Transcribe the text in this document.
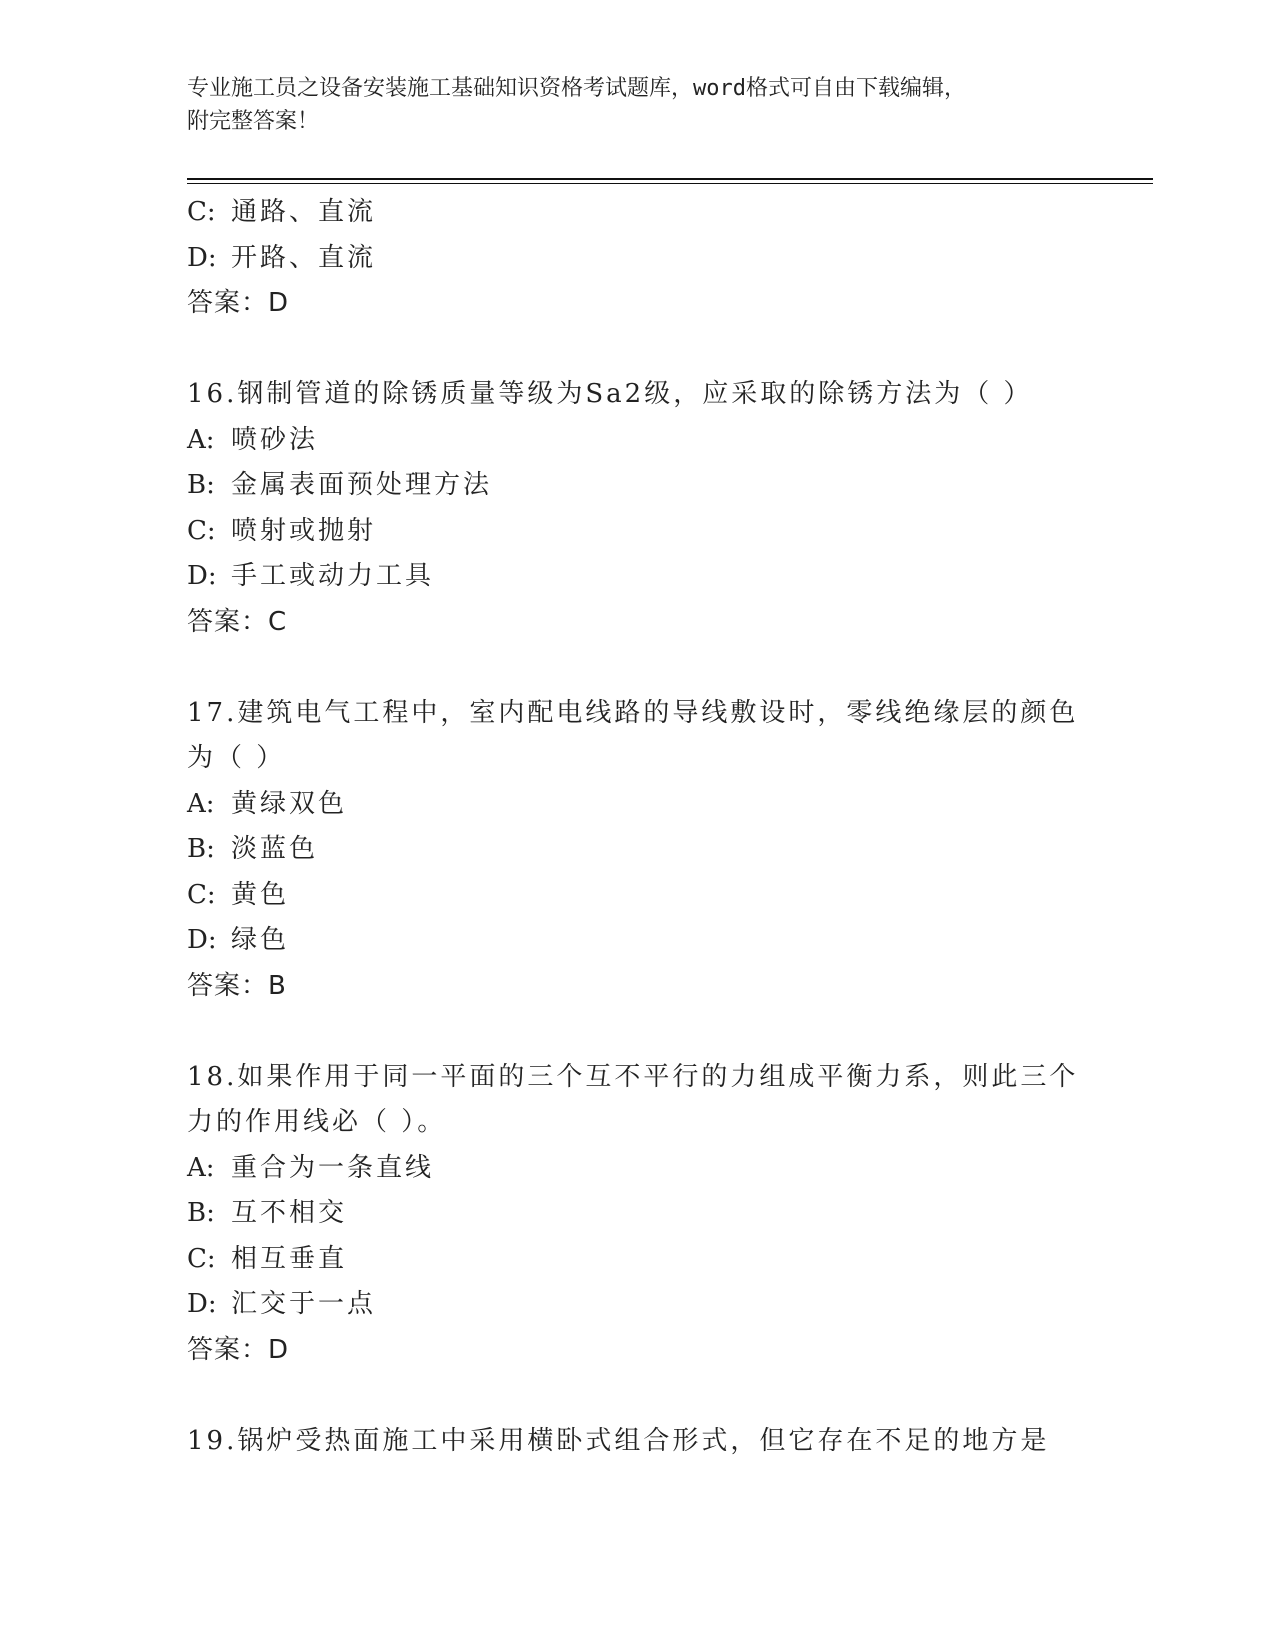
专业施工员之设备安装施工基础知识资格考试题库，word格式可自由下载编辑，
附完整答案！
C: 通路、直流
D: 开路、直流
答案：D
16.钢制管道的除锈质量等级为Sa2级，应采取的除锈方法为（ ）
A: 喷砂法
B: 金属表面预处理方法
C: 喷射或抛射
D: 手工或动力工具
答案：C
17.建筑电气工程中，室内配电线路的导线敷设时，零线绝缘层的颜色
为（ ）
A: 黄绿双色
B: 淡蓝色
C: 黄色
D: 绿色
答案：B
18.如果作用于同一平面的三个互不平行的力组成平衡力系，则此三个
力的作用线必（ ）。
A: 重合为一条直线
B: 互不相交
C: 相互垂直
D: 汇交于一点
答案：D
19.锅炉受热面施工中采用横卧式组合形式，但它存在不足的地方是
